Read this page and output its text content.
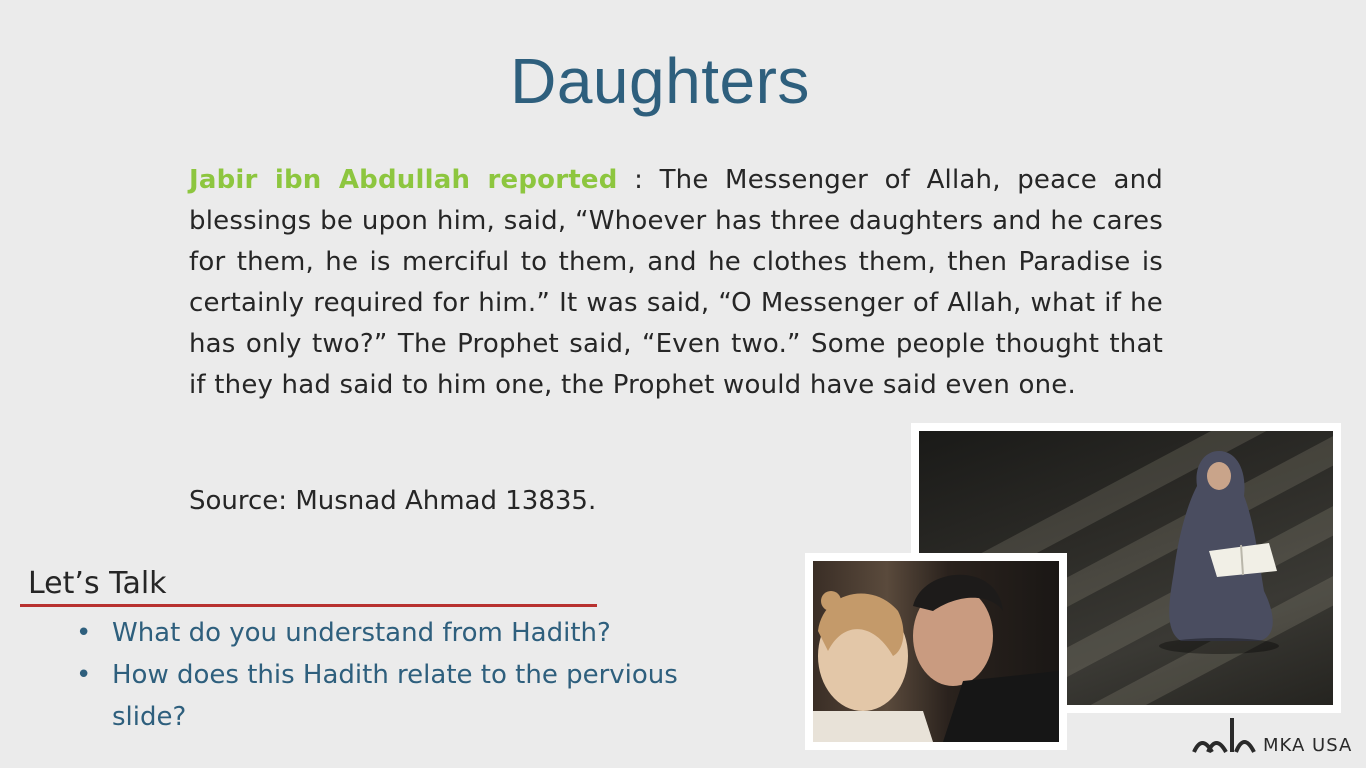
Daughters
Jabir ibn Abdullah reported : The Messenger of Allah, peace and blessings be upon him, said, “Whoever has three daughters and he cares for them, he is merciful to them, and he clothes them, then Paradise is certainly required for him.” It was said, “O Messenger of Allah, what if he has only two?” The Prophet said, “Even two.” Some people thought that if they had said to him one, the Prophet would have said even one.
Source: Musnad Ahmad 13835.
Let’s Talk
• What do you understand from Hadith?
• How does this Hadith relate to the pervious slide?
MKA USA
